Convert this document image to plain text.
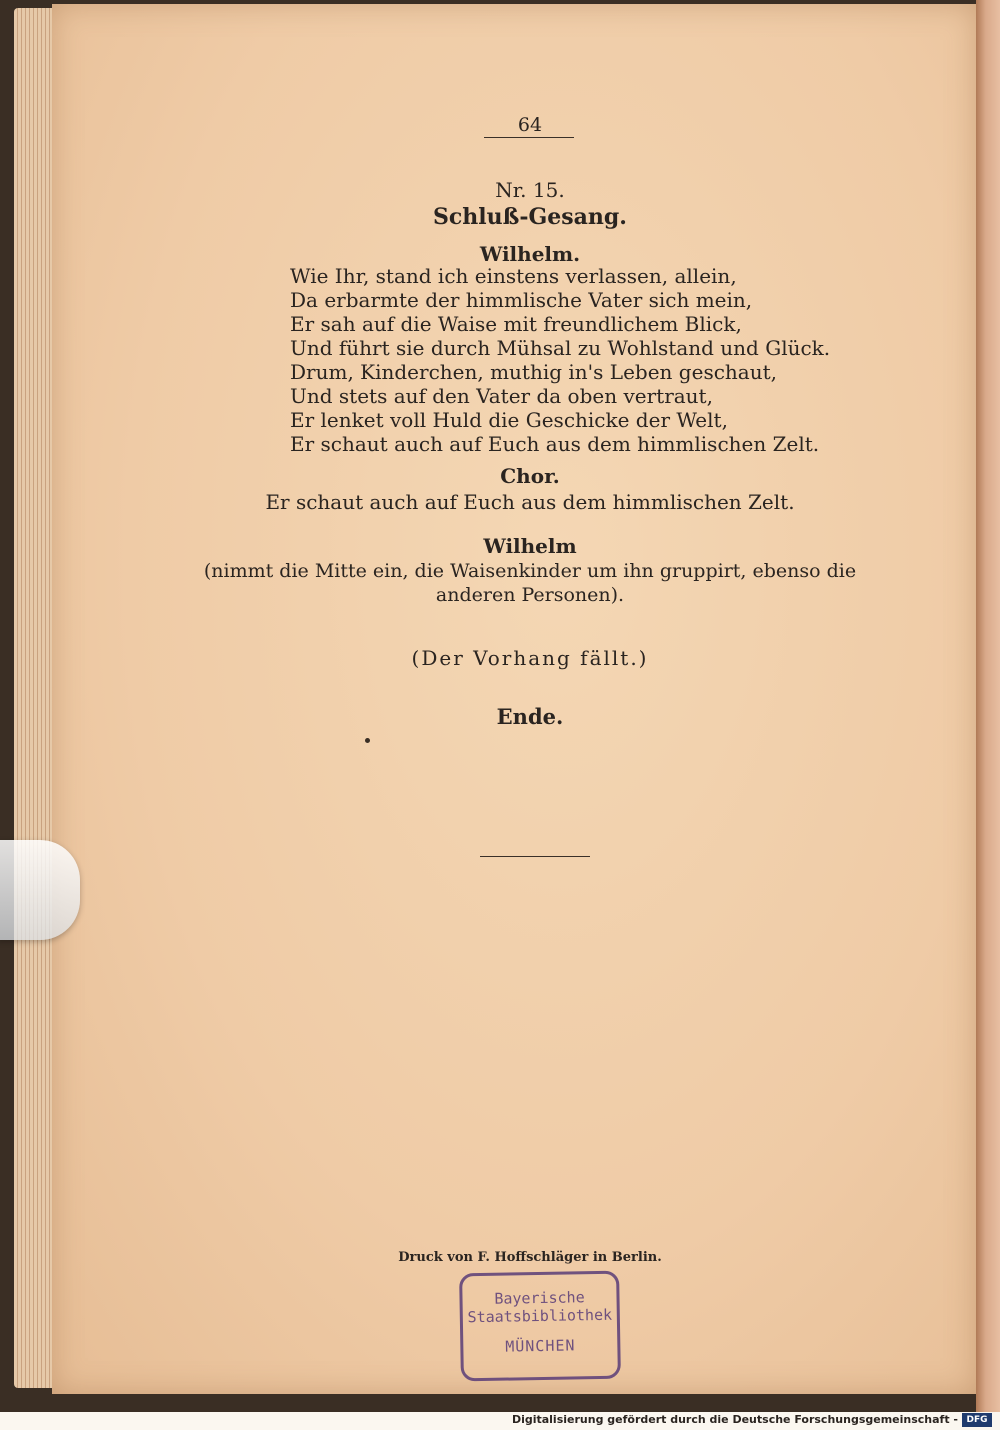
64
Nr. 15.
Schluß-Gesang.
Wilhelm.
Wie Ihr, stand ich einstens verlassen, allein,
Da erbarmte der himmlische Vater sich mein,
Er sah auf die Waise mit freundlichem Blick,
Und führt sie durch Mühsal zu Wohlstand und Glück.
Drum, Kinderchen, muthig in's Leben geschaut,
Und stets auf den Vater da oben vertraut,
Er lenket voll Huld die Geschicke der Welt,
Er schaut auch auf Euch aus dem himmlischen Zelt.
Chor.
Er schaut auch auf Euch aus dem himmlischen Zelt.
Wilhelm
(nimmt die Mitte ein, die Waisenkinder um ihn gruppirt, ebenso die
anderen Personen).
(Der Vorhang fällt.)
Ende.
Druck von F. Hoffschläger in Berlin.
Bayerische
Staatsbibliothek
MÜNCHEN
Digitalisierung gefördert durch die Deutsche Forschungsgemeinschaft - DFG
